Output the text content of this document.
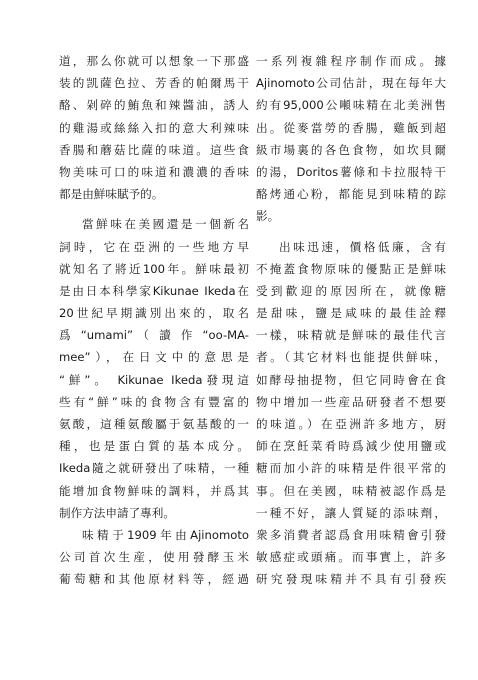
道，那么你就可以想象一下那盛
装的凯薩色拉、芳香的帕爾馬干
酪、剁碎的鮪魚和辣醬油，誘人
的雞湯或絲絲入扣的意大利辣味
香腸和蘑菇比薩的味道。這些食
物美味可口的味道和濃濃的香味
都是由鮮味賦予的。
當鮮味在美國還是一個新名
詞時，它在亞洲的一些地方早
就知名了將近100年。鮮味最初
是由日本科學家Kikunae Ikeda在
20世紀早期識別出來的，取名
爲“umami”（讀作“oo-MA-
mee”），在日文中的意思是
“鮮”。 Kikunae Ikeda發現這
些有“鮮”味的食物含有豐富的
氨酸，這種氨酸屬于氨基酸的一
種，也是蛋白質的基本成分。
Ikeda隨之就研發出了味精，一種
能增加食物鮮味的調料，并爲其
制作方法申請了專利。
味精于1909年由Ajinomoto
公司首次生産，使用發酵玉米
葡萄糖和其他原材料等，經過
一系列複雜程序制作而成。據
Ajinomoto公司估計，現在每年大
約有95,000公噸味精在北美洲售
出。從麥當勞的香腸，雞飯到超
級市場裏的各色食物，如坎貝爾
的湯，Doritos薯條和卡拉服特干
酪烤通心粉，都能見到味精的踪
影。
出味迅速，價格低廉，含有
不掩蓋食物原味的優點正是鮮味
受到歡迎的原因所在，就像糖
是甜味，鹽是咸味的最佳詮釋
一樣，味精就是鮮味的最佳代言
者。（其它材料也能提供鮮味，
如酵母抽提物，但它同時會在食
物中增加一些産品研發者不想要
的味道。）在亞洲許多地方，厨
師在烹飪菜肴時爲減少使用鹽或
糖而加小許的味精是件很平常的
事。但在美國，味精被認作爲是
一種不好，讓人質疑的添味劑，
衆多消費者認爲食用味精會引發
敏感症或頭痛。而事實上，許多
研究發現味精并不具有引發疾
